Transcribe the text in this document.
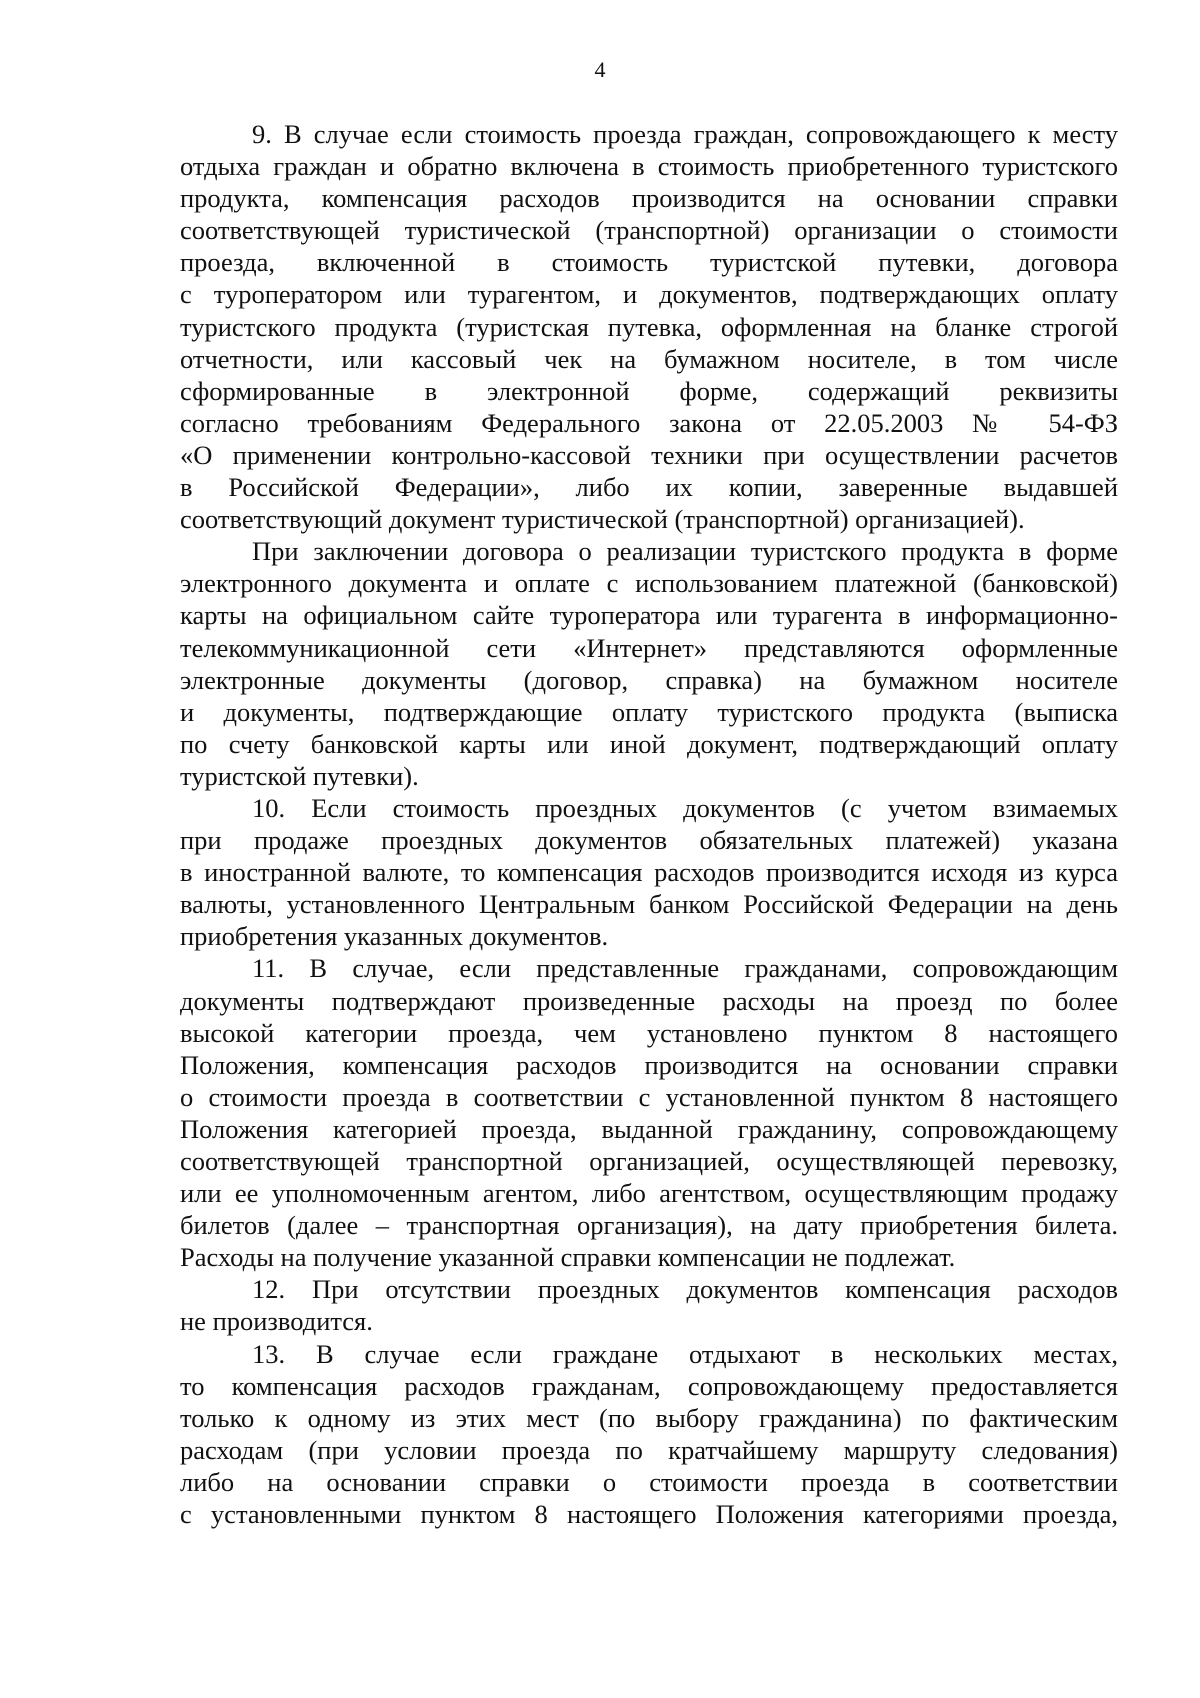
4
9. В случае если стоимость проезда граждан, сопровождающего к месту
отдыха граждан и обратно включена в стоимость приобретенного туристского
продукта, компенсация расходов производится на основании справки
соответствующей туристической (транспортной) организации о стоимости
проезда, включенной в стоимость туристской путевки, договора
с туроператором или турагентом, и документов, подтверждающих оплату
туристского продукта (туристская путевка, оформленная на бланке строгой
отчетности, или кассовый чек на бумажном носителе, в том числе
сформированные в электронной форме, содержащий реквизиты
согласно требованиям Федерального закона от 22.05.2003 № 54-ФЗ
«О применении контрольно-кассовой техники при осуществлении расчетов
в Российской Федерации», либо их копии, заверенные выдавшей
соответствующий документ туристической (транспортной) организацией).
При заключении договора о реализации туристского продукта в форме
электронного документа и оплате с использованием платежной (банковской)
карты на официальном сайте туроператора или турагента в информационно-
телекоммуникационной сети «Интернет» представляются оформленные
электронные документы (договор, справка) на бумажном носителе
и документы, подтверждающие оплату туристского продукта (выписка
по счету банковской карты или иной документ, подтверждающий оплату
туристской путевки).
10. Если стоимость проездных документов (с учетом взимаемых
при продаже проездных документов обязательных платежей) указана
в иностранной валюте, то компенсация расходов производится исходя из курса
валюты, установленного Центральным банком Российской Федерации на день
приобретения указанных документов.
11. В случае, если представленные гражданами, сопровождающим
документы подтверждают произведенные расходы на проезд по более
высокой категории проезда, чем установлено пунктом 8 настоящего
Положения, компенсация расходов производится на основании справки
о стоимости проезда в соответствии с установленной пунктом 8 настоящего
Положения категорией проезда, выданной гражданину, сопровождающему
соответствующей транспортной организацией, осуществляющей перевозку,
или ее уполномоченным агентом, либо агентством, осуществляющим продажу
билетов (далее – транспортная организация), на дату приобретения билета.
Расходы на получение указанной справки компенсации не подлежат.
12. При отсутствии проездных документов компенсация расходов
не производится.
13. В случае если граждане отдыхают в нескольких местах,
то компенсация расходов гражданам, сопровождающему предоставляется
только к одному из этих мест (по выбору гражданина) по фактическим
расходам (при условии проезда по кратчайшему маршруту следования)
либо на основании справки о стоимости проезда в соответствии
с установленными пунктом 8 настоящего Положения категориями проезда,
